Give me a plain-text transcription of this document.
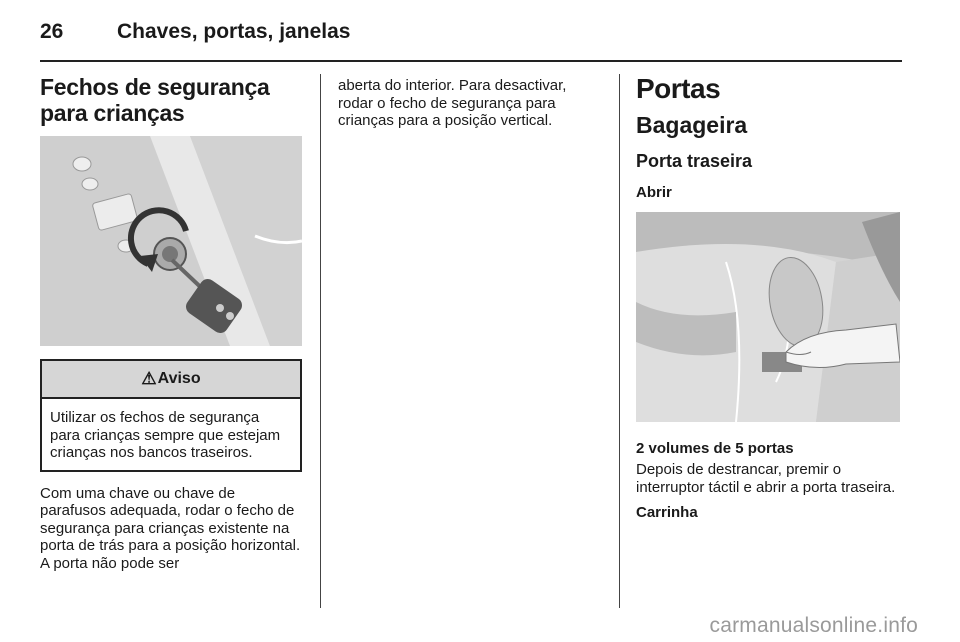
26	Chaves, portas, janelas
Fechos de segurança para crianças
⚠ Aviso
Utilizar os fechos de segurança para crianças sempre que estejam crianças nos bancos traseiros.

Com uma chave ou chave de parafusos adequada, rodar o fecho de segurança para crianças existente na porta de trás para a posição horizontal. A porta não pode ser

aberta do interior. Para desactivar, rodar o fecho de segurança para crianças para a posição vertical.

Portas
Bagageira
Porta traseira
Abrir
2 volumes de 5 portas

Depois de destrancar, premir o interruptor táctil e abrir a porta traseira.

Carrinha
carmanualsonline.info
